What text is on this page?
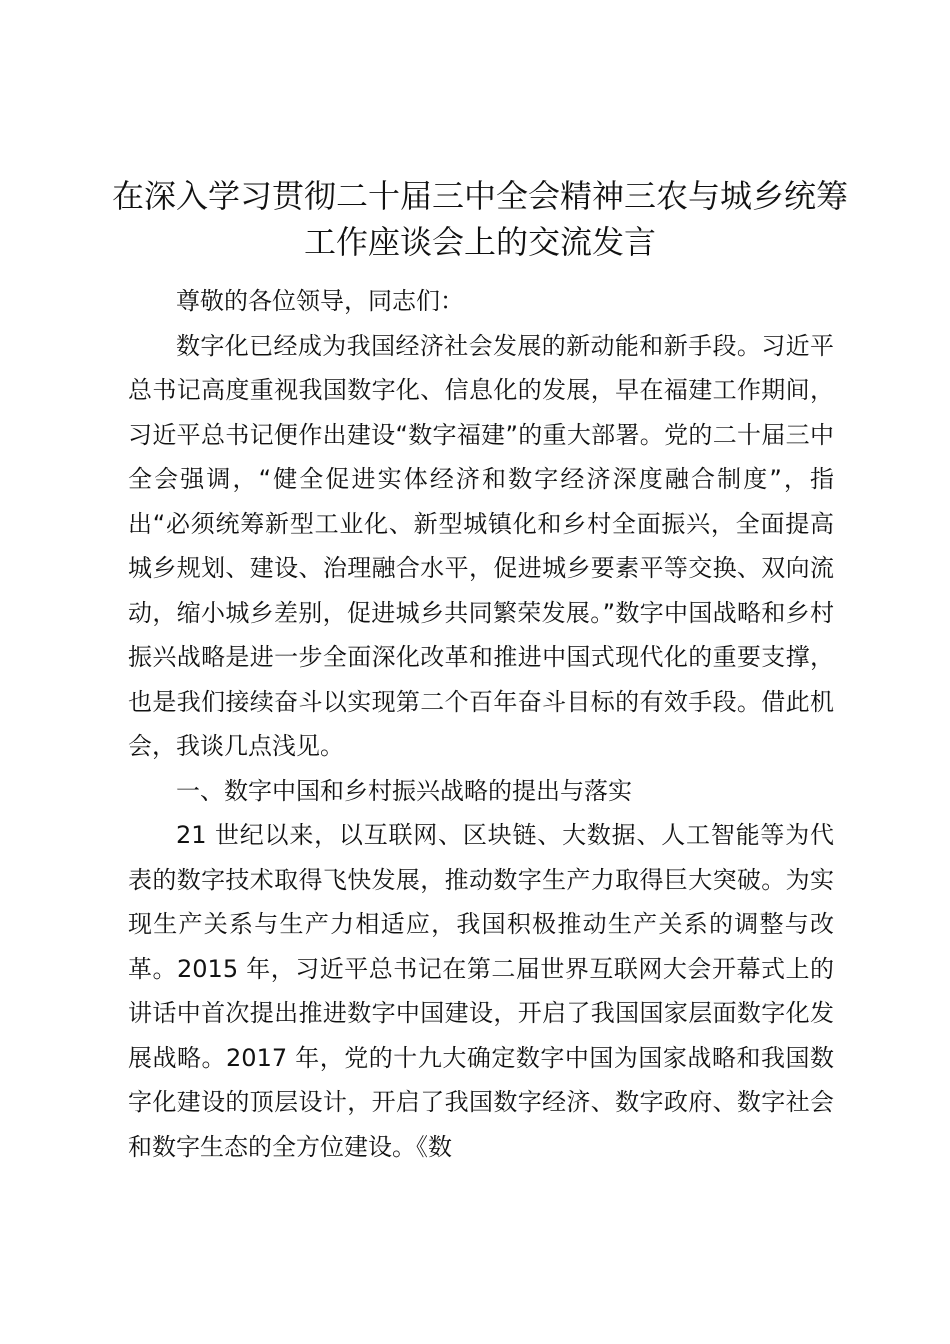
在深入学习贯彻二十届三中全会精神三农与城乡统筹工作座谈会上的交流发言

尊敬的各位领导，同志们：

数字化已经成为我国经济社会发展的新动能和新手段。习近平总书记高度重视我国数字化、信息化的发展，早在福建工作期间，习近平总书记便作出建设“数字福建”的重大部署。党的二十届三中全会强调，“健全促进实体经济和数字经济深度融合制度”，指出“必须统筹新型工业化、新型城镇化和乡村全面振兴，全面提高城乡规划、建设、治理融合水平，促进城乡要素平等交换、双向流动，缩小城乡差别，促进城乡共同繁荣发展。”数字中国战略和乡村振兴战略是进一步全面深化改革和推进中国式现代化的重要支撑，也是我们接续奋斗以实现第二个百年奋斗目标的有效手段。借此机会，我谈几点浅见。

一、数字中国和乡村振兴战略的提出与落实

21 世纪以来，以互联网、区块链、大数据、人工智能等为代表的数字技术取得飞快发展，推动数字生产力取得巨大突破。为实现生产关系与生产力相适应，我国积极推动生产关系的调整与改革。2015 年，习近平总书记在第二届世界互联网大会开幕式上的讲话中首次提出推进数字中国建设，开启了我国国家层面数字化发展战略。2017 年，党的十九大确定数字中国为国家战略和我国数字化建设的顶层设计，开启了我国数字经济、数字政府、数字社会和数字生态的全方位建设。《数
